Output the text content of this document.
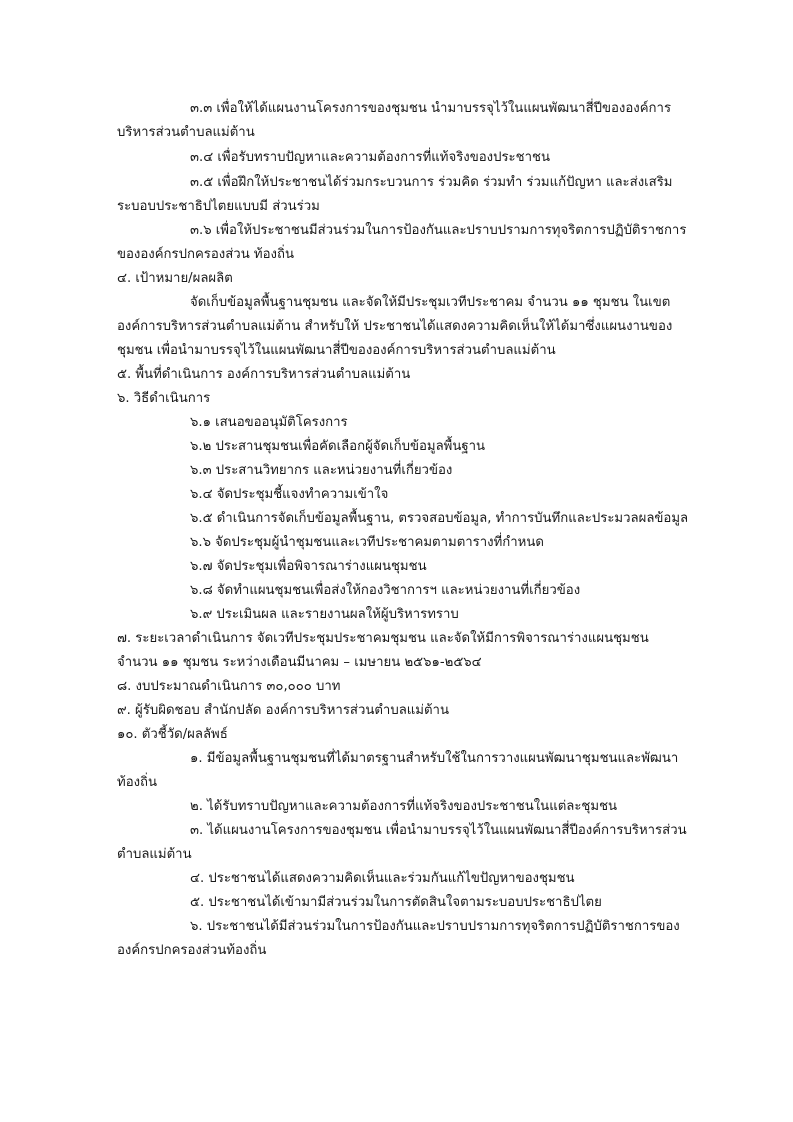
๓.๓ เพื่อให้ได้แผนงานโครงการของชุมชน นำมาบรรจุไว้ในแผนพัฒนาสี่ปีขององค์การ
บริหารส่วนตำบลแม่ต้าน
๓.๔ เพื่อรับทราบปัญหาและความต้องการที่แท้จริงของประชาชน
๓.๕ เพื่อฝึกให้ประชาชนได้ร่วมกระบวนการ ร่วมคิด ร่วมทำ ร่วมแก้ปัญหา และส่งเสริม
ระบอบประชาธิปไตยแบบมี ส่วนร่วม
๓.๖ เพื่อให้ประชาชนมีส่วนร่วมในการป้องกันและปราบปรามการทุจริตการปฏิบัติราชการ
ขององค์กรปกครองส่วน ท้องถิ่น
๔. เป้าหมาย/ผลผลิต
จัดเก็บข้อมูลพื้นฐานชุมชน และจัดให้มีประชุมเวทีประชาคม จำนวน ๑๑ ชุมชน ในเขต
องค์การบริหารส่วนตำบลแม่ต้าน สำหรับให้ ประชาชนได้แสดงความคิดเห็นให้ได้มาซึ่งแผนงานของ
ชุมชน เพื่อนำมาบรรจุไว้ในแผนพัฒนาสี่ปีขององค์การบริหารส่วนตำบลแม่ต้าน
๕. พื้นที่ดำเนินการ องค์การบริหารส่วนตำบลแม่ต้าน
๖. วิธีดำเนินการ
๖.๑ เสนอขออนุมัติโครงการ
๖.๒ ประสานชุมชนเพื่อคัดเลือกผู้จัดเก็บข้อมูลพื้นฐาน
๖.๓ ประสานวิทยากร และหน่วยงานที่เกี่ยวข้อง
๖.๔ จัดประชุมชี้แจงทำความเข้าใจ
๖.๕ ดำเนินการจัดเก็บข้อมูลพื้นฐาน, ตรวจสอบข้อมูล, ทำการบันทึกและประมวลผลข้อมูล
๖.๖ จัดประชุมผู้นำชุมชนและเวทีประชาคมตามตารางที่กำหนด
๖.๗ จัดประชุมเพื่อพิจารณาร่างแผนชุมชน
๖.๘ จัดทำแผนชุมชนเพื่อส่งให้กองวิชาการฯ และหน่วยงานที่เกี่ยวข้อง
๖.๙ ประเมินผล และรายงานผลให้ผู้บริหารทราบ
๗. ระยะเวลาดำเนินการ จัดเวทีประชุมประชาคมชุมชน และจัดให้มีการพิจารณาร่างแผนชุมชน
จำนวน ๑๑ ชุมชน ระหว่างเดือนมีนาคม – เมษายน ๒๕๖๑-๒๕๖๔
๘. งบประมาณดำเนินการ ๓๐,๐๐๐ บาท
๙. ผู้รับผิดชอบ สำนักปลัด องค์การบริหารส่วนตำบลแม่ต้าน
๑๐. ตัวชี้วัด/ผลลัพธ์
๑. มีข้อมูลพื้นฐานชุมชนที่ได้มาตรฐานสำหรับใช้ในการวางแผนพัฒนาชุมชนและพัฒนา
ท้องถิ่น
๒. ได้รับทราบปัญหาและความต้องการที่แท้จริงของประชาชนในแต่ละชุมชน
๓. ได้แผนงานโครงการของชุมชน เพื่อนำมาบรรจุไว้ในแผนพัฒนาสี่ปีองค์การบริหารส่วน
ตำบลแม่ต้าน
๔. ประชาชนได้แสดงความคิดเห็นและร่วมกันแก้ไขปัญหาของชุมชน
๕. ประชาชนได้เข้ามามีส่วนร่วมในการตัดสินใจตามระบอบประชาธิปไตย
๖. ประชาชนได้มีส่วนร่วมในการป้องกันและปราบปรามการทุจริตการปฏิบัติราชการของ
องค์กรปกครองส่วนท้องถิ่น
